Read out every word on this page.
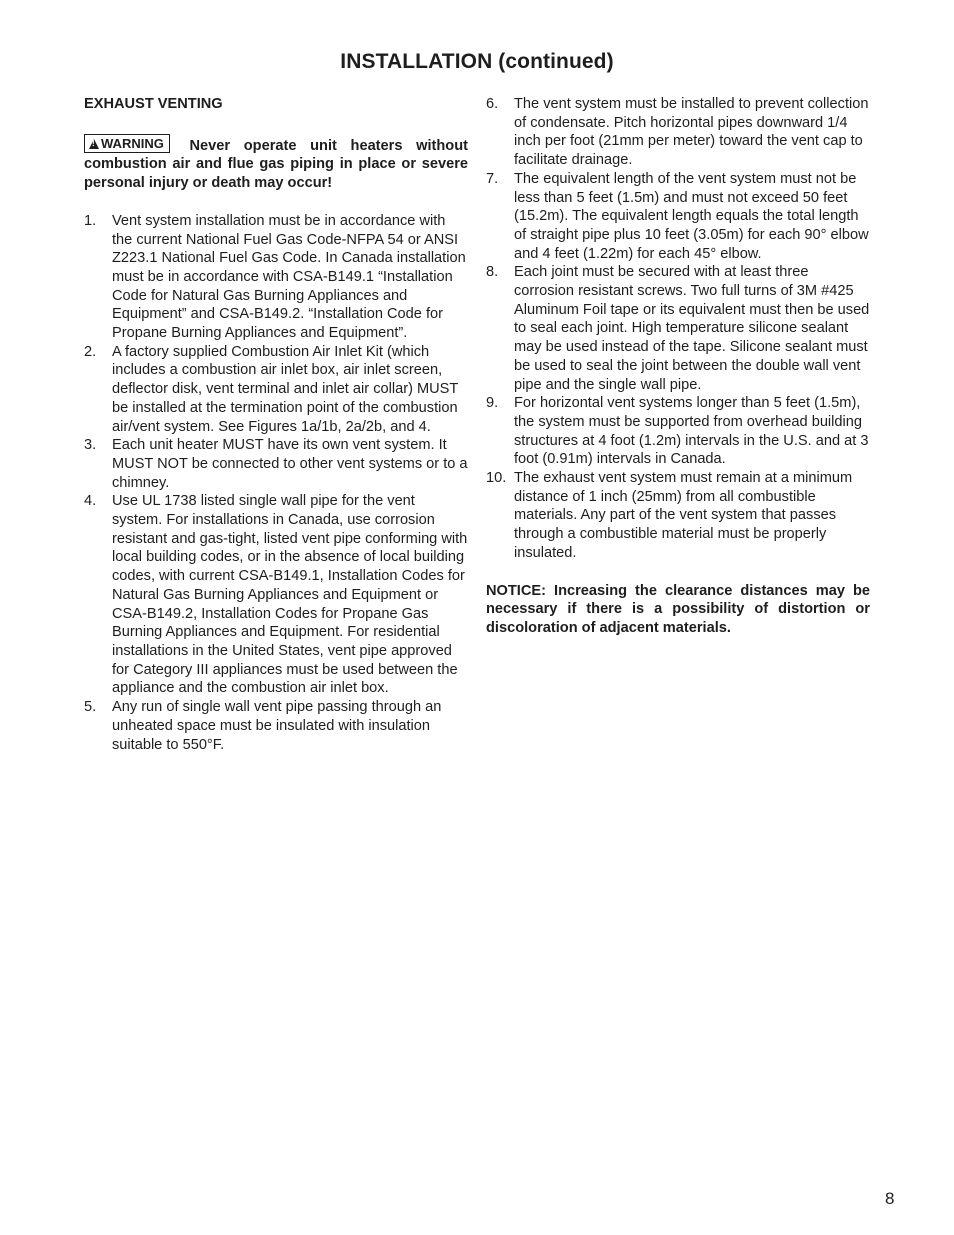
INSTALLATION (continued)
EXHAUST VENTING
!WARNING Never operate unit heaters without combustion air and flue gas piping in place or severe personal injury or death may occur!
1. Vent system installation must be in accordance with the current National Fuel Gas Code-NFPA 54 or ANSI Z223.1 National Fuel Gas Code. In Canada installation must be in accordance with CSA-B149.1 “Installation Code for Natural Gas Burning Appliances and Equipment” and CSA-B149.2. “Installation Code for Propane Burning Appliances and Equipment”.
2. A factory supplied Combustion Air Inlet Kit (which includes a combustion air inlet box, air inlet screen, deflector disk, vent terminal and inlet air collar) MUST be installed at the termination point of the combustion air/vent system. See Figures 1a/1b, 2a/2b, and 4.
3. Each unit heater MUST have its own vent system. It MUST NOT be connected to other vent systems or to a chimney.
4. Use UL 1738 listed single wall pipe for the vent system. For installations in Canada, use corrosion resistant and gas-tight, listed vent pipe conforming with local building codes, or in the absence of local building codes, with current CSA-B149.1, Installation Codes for Natural Gas Burning Appliances and Equipment or CSA-B149.2, Installation Codes for Propane Gas Burning Appliances and Equipment. For residential installations in the United States, vent pipe approved for Category III appliances must be used between the appliance and the combustion air inlet box.
5. Any run of single wall vent pipe passing through an unheated space must be insulated with insulation suitable to 550°F.
6. The vent system must be installed to prevent collection of condensate. Pitch horizontal pipes downward 1/4 inch per foot (21mm per meter) toward the vent cap to facilitate drainage.
7. The equivalent length of the vent system must not be less than 5 feet (1.5m) and must not exceed 50 feet (15.2m). The equivalent length equals the total length of straight pipe plus 10 feet (3.05m) for each 90° elbow and 4 feet (1.22m) for each 45° elbow.
8. Each joint must be secured with at least three corrosion resistant screws. Two full turns of 3M #425 Aluminum Foil tape or its equivalent must then be used to seal each joint. High temperature silicone sealant may be used instead of the tape. Silicone sealant must be used to seal the joint between the double wall vent pipe and the single wall pipe.
9. For horizontal vent systems longer than 5 feet (1.5m), the system must be supported from overhead building structures at 4 foot (1.2m) intervals in the U.S. and at 3 foot (0.91m) intervals in Canada.
10. The exhaust vent system must remain at a minimum distance of 1 inch (25mm) from all combustible materials. Any part of the vent system that passes through a combustible material must be properly insulated.
NOTICE: Increasing the clearance distances may be necessary if there is a possibility of distortion or discoloration of adjacent materials.
8
